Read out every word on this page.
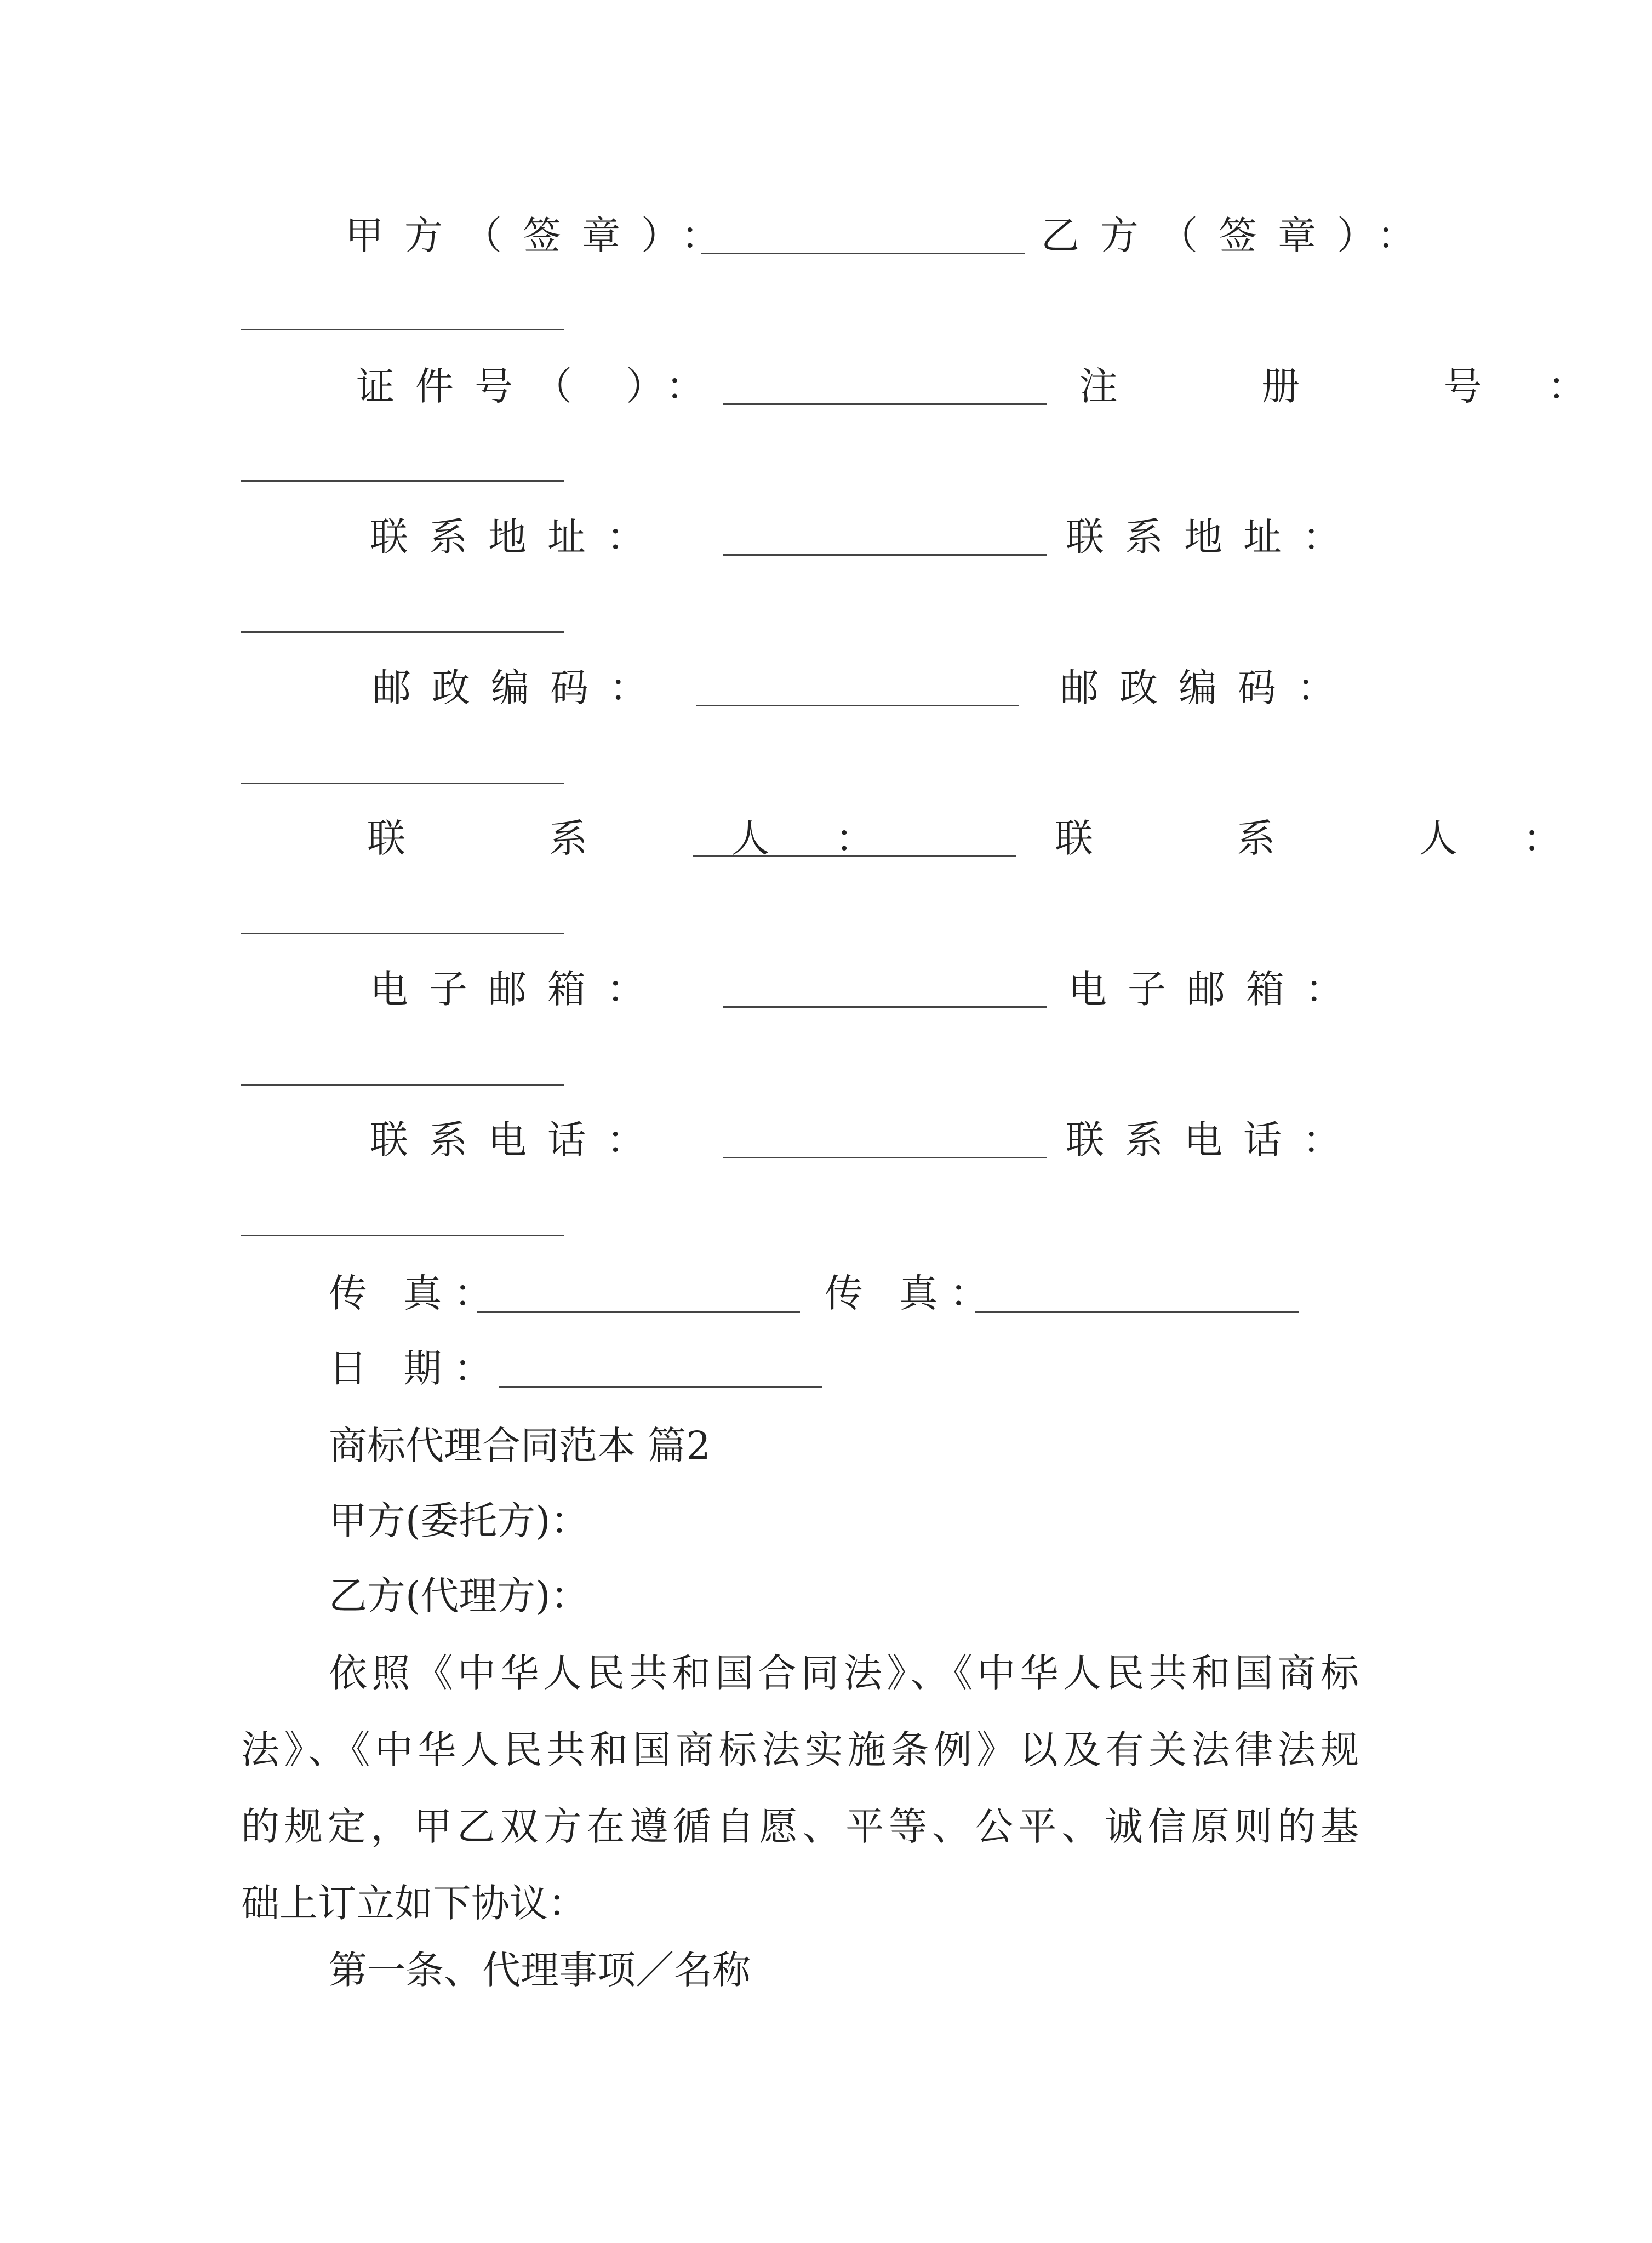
甲方（签章）：	乙方（签章）：
证件号（ ）：	注 册 号：
联系地址：	联系地址：
邮政编码：	邮政编码：
联 系 人：	联 系 人：
电子邮箱：	电子邮箱：
联系电话：	联系电话：
传 真：	传 真：
日 期：
商标代理合同范本 篇2
甲方(委托方)：
乙方(代理方)：
依照《中华人民共和国合同法》、《中华人民共和国商标
法》、《中华人民共和国商标法实施条例》以及有关法律法规
的规定，甲乙双方在遵循自愿、平等、公平、诚信原则的基
础上订立如下协议：
第一条、代理事项／名称
